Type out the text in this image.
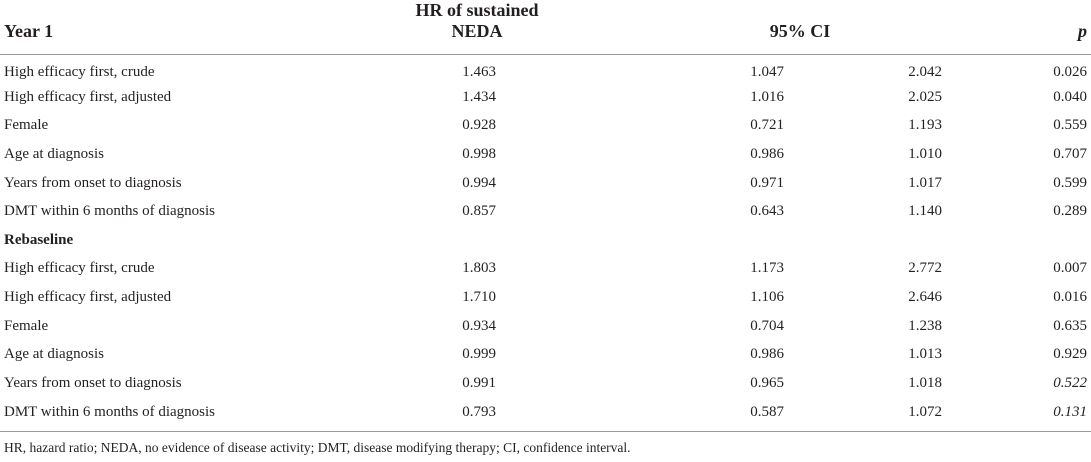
Year 1	HR of sustained NEDA	95% CI		p
High efficacy first, crude	1.463	1.047	2.042	0.026
High efficacy first, adjusted	1.434	1.016	2.025	0.040
Female	0.928	0.721	1.193	0.559
Age at diagnosis	0.998	0.986	1.010	0.707
Years from onset to diagnosis	0.994	0.971	1.017	0.599
DMT within 6 months of diagnosis	0.857	0.643	1.140	0.289
Rebaseline				
High efficacy first, crude	1.803	1.173	2.772	0.007
High efficacy first, adjusted	1.710	1.106	2.646	0.016
Female	0.934	0.704	1.238	0.635
Age at diagnosis	0.999	0.986	1.013	0.929
Years from onset to diagnosis	0.991	0.965	1.018	0.522
DMT within 6 months of diagnosis	0.793	0.587	1.072	0.131
HR, hazard ratio; NEDA, no evidence of disease activity; DMT, disease modifying therapy; CI, confidence interval.
